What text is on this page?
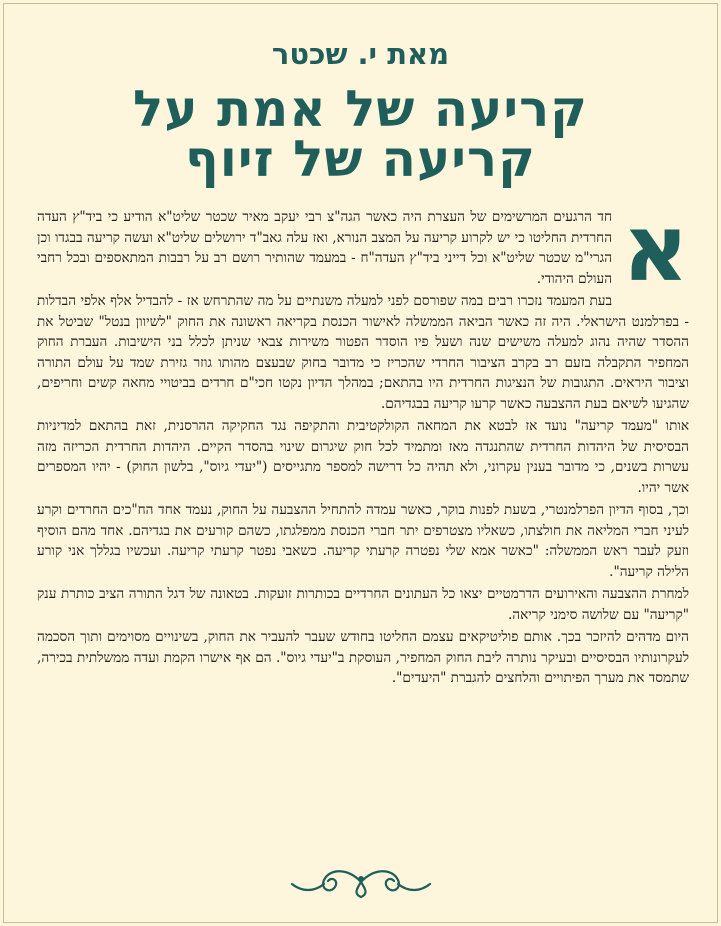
מאת י. שכטר
קריעה של אמת על
קריעה של זיוף
א

חד הרגעים המרשימים של העצרת היה כאשר הגה"צ רבי יעקב מאיר שכטר שליט"א הודיע כי ביד"ץ העדה החרדית החליטו כי יש לקרוע קריעה על המצב הנורא, ואז עלה גאב"ד ירושלים שליט"א ועשה קריעה בבגדו וכן הגרי"מ שכטר שליט"א וכל דייני ביד"ץ העדה"ח - במעמד שהותיר רושם רב על רבבות המתאספים ובכל רחבי העולם היהודי.

בעת המעמד נזכרו רבים במה שפורסם לפני למעלה משנתיים על מה שהתרחש אז - להבדיל אלף אלפי הבדלות - בפרלמנט הישראלי. היה זה כאשר הביאה הממשלה לאישור הכנסת בקריאה ראשונה את החוק "לשיוון בנטל" שביטל את ההסדר שהיה נהוג למעלה משישים שנה ושעל פיו הוסדר הפטור משירות צבאי שניתן לכלל בני הישיבות. העברת החוק המחפיר התקבלה בזעם רב בקרב הציבור החרדי שהכריז כי מדובר בחוק שבעצם מהותו גוזר גזירת שמד על עולם התורה וציבור היראים. התגובות של הנציגות החרדית היו בהתאם; במהלך הדיון נקטו חכי"ם חרדים בביטויי מחאה קשים וחריפים, שהגיעו לשיאם בעת ההצבעה כאשר קרעו קריעה בבגדיהם.

אותו "מעמד קריעה" נועד אז לבטא את המחאה הקולקטיבית והתקיפה נגד החקיקה ההרסנית, זאת בהתאם למדיניות הבסיסית של היהדות החרדית שהתנגדה מאז ומתמיד לכל חוק שיגרום שינוי בהסדר הקיים. היהדות החרדית הכריזה מזה עשרות בשנים, כי מדובר בענין עקרוני, ולא תהיה כל דרישה למספר מתגייסים ("יעדי גיוס", בלשון החוק) - יהיו המספרים אשר יהיו.

וכך, בסוף הדיון הפרלמנטרי, בשעת לפנות בוקר, כאשר עמדה להתחיל ההצבעה על החוק, נעמד אחד הח"כים החרדים וקרע לעיני חברי המליאה את חולצתו, כשאליו מצטרפים יתר חברי הכנסת ממפלגתו, כשהם קורעים את בגדיהם. אחד מהם הוסיף וזעק לעבר ראש הממשלה: "כאשר אמא שלי נפטרה קרעתי קריעה. כשאבי נפטר קרעתי קריעה. ועכשיו בגללך אני קורע הלילה קריעה".

למחרת ההצבעה והאירועים הדרמטיים יצאו כל העתונים החרדיים בכותרות זועקות. בטאונה של דגל התורה הציב כותרת ענק "קריעה" עם שלושה סימני קריאה.

היום מדהים להיזכר בכך. אותם פוליטיקאים עצמם החליטו בחודש שעבר להעביר את החוק, בשינויים מסוימים ותוך הסכמה לעקרונותיו הבסיסיים ובעיקר נותרה ליבת החוק המחפיר, העוסקת ב"יעדי גיוס". הם אף אישרו הקמת ועדה ממשלתית בכירה, שתמסד את מערך הפיתויים והלחצים להגברת "היעדים".
